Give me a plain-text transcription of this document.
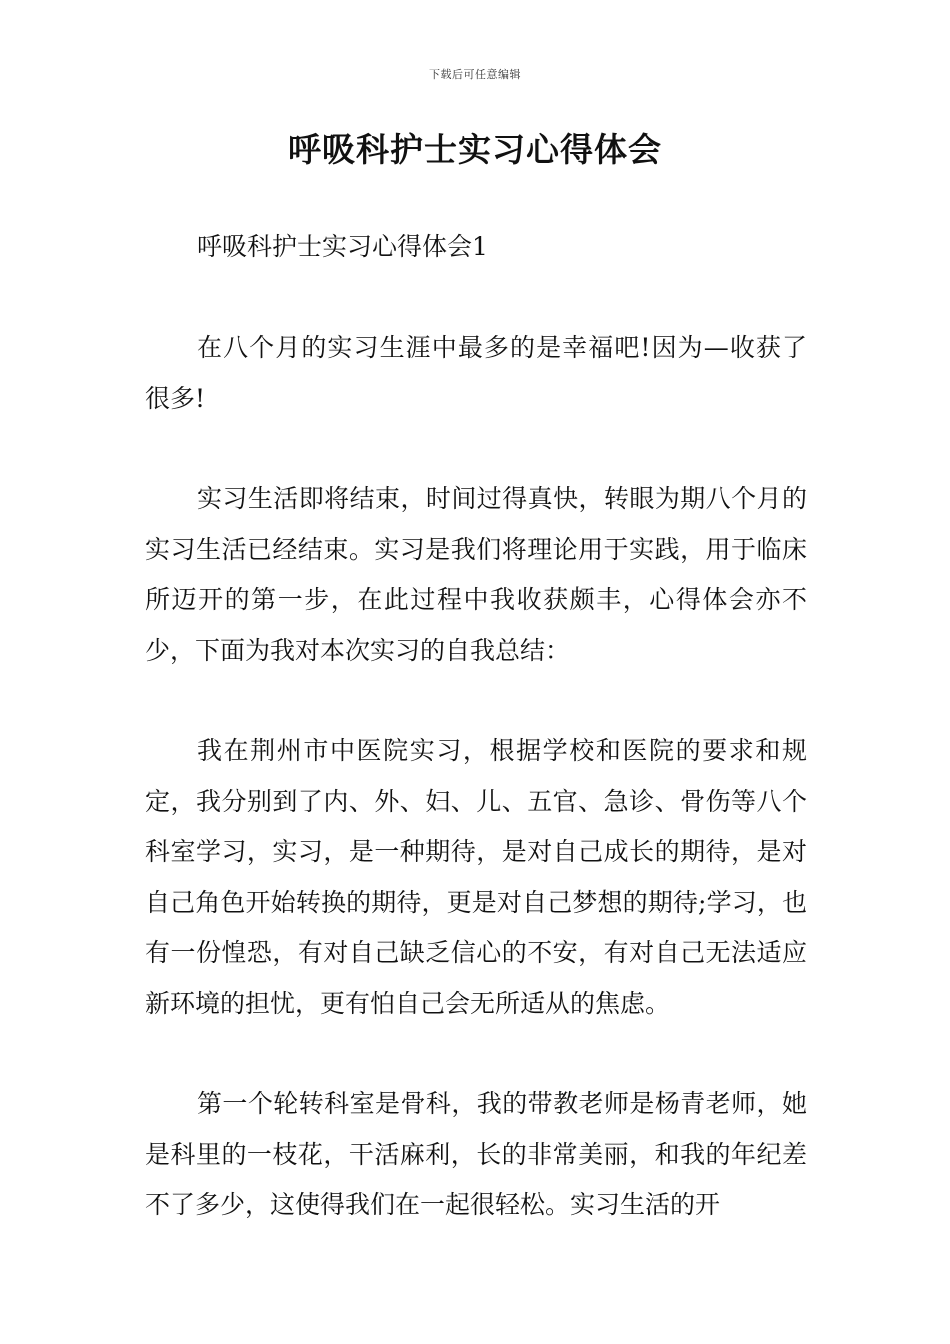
下载后可任意编辑
呼吸科护士实习心得体会

呼吸科护士实习心得体会1

在八个月的实习生涯中最多的是幸福吧!因为—收获了很多!

实习生活即将结束，时间过得真快，转眼为期八个月的实习生活已经结束。实习是我们将理论用于实践，用于临床所迈开的第一步，在此过程中我收获颇丰，心得体会亦不少，下面为我对本次实习的自我总结：

我在荆州市中医院实习，根据学校和医院的要求和规定，我分别到了内、外、妇、儿、五官、急诊、骨伤等八个科室学习，实习，是一种期待，是对自己成长的期待，是对自己角色开始转换的期待，更是对自己梦想的期待;学习，也有一份惶恐，有对自己缺乏信心的不安，有对自己无法适应新环境的担忧，更有怕自己会无所适从的焦虑。

第一个轮转科室是骨科，我的带教老师是杨青老师，她是科里的一枝花，干活麻利，长的非常美丽，和我的年纪差不了多少，这使得我们在一起很轻松。实习生活的开
